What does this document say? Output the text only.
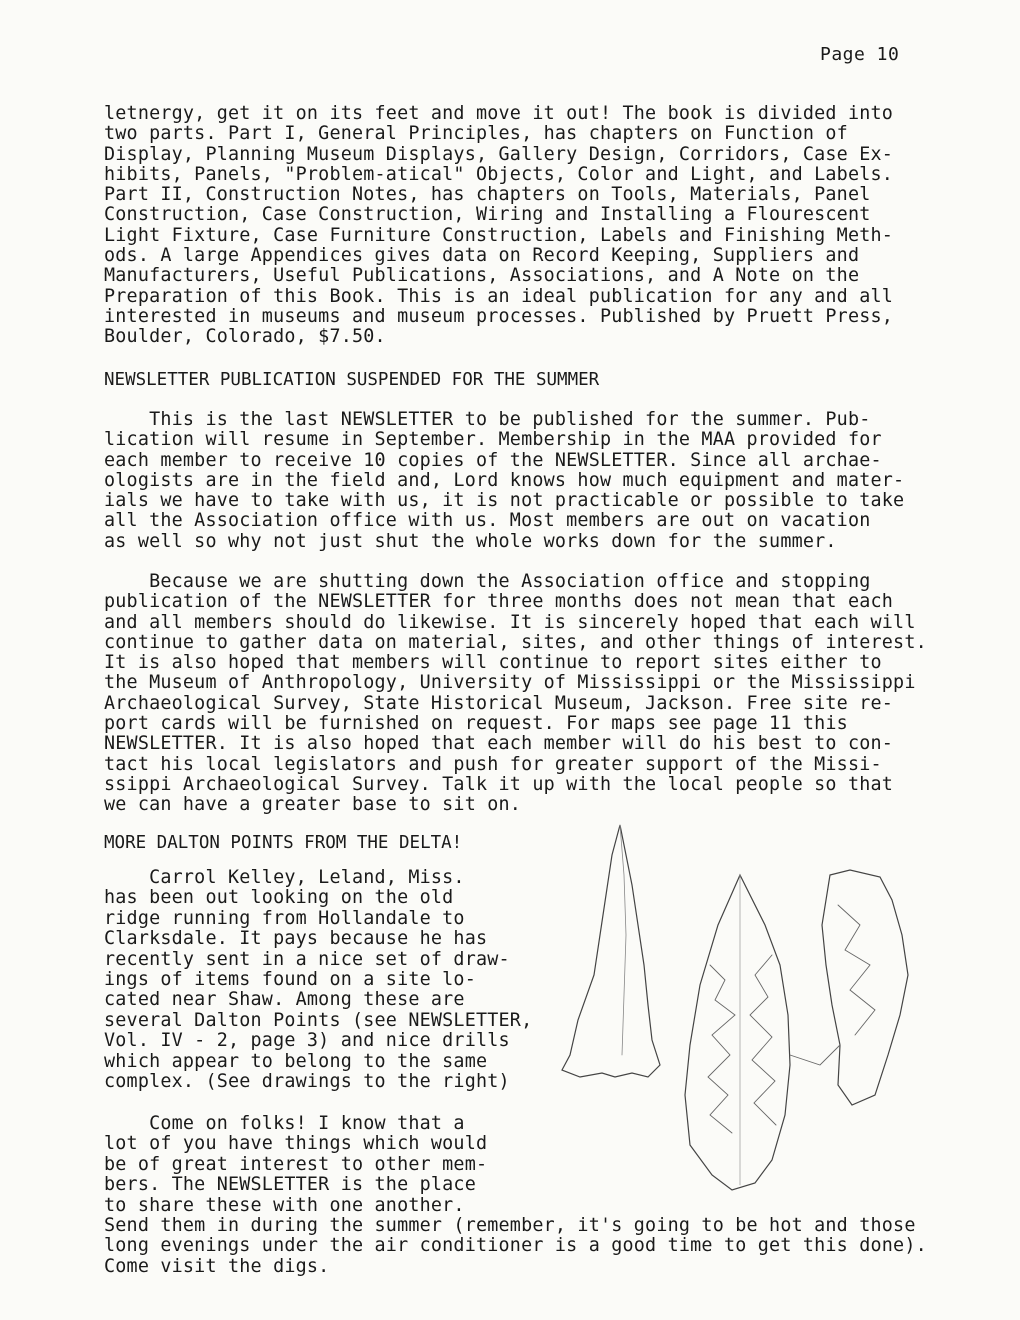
Page 10
letnergy, get it on its feet and move it out! The book is divided into
two parts. Part I, General Principles, has chapters on Function of
Display, Planning Museum Displays, Gallery Design, Corridors, Case Ex-
hibits, Panels, "Problem-atical" Objects, Color and Light, and Labels.
Part II, Construction Notes, has chapters on Tools, Materials, Panel
Construction, Case Construction, Wiring and Installing a Flourescent
Light Fixture, Case Furniture Construction, Labels and Finishing Meth-
ods. A large Appendices gives data on Record Keeping, Suppliers and
Manufacturers, Useful Publications, Associations, and A Note on the
Preparation of this Book. This is an ideal publication for any and all
interested in museums and museum processes. Published by Pruett Press,
Boulder, Colorado, $7.50.
NEWSLETTER PUBLICATION SUSPENDED FOR THE SUMMER
This is the last NEWSLETTER to be published for the summer. Pub-
lication will resume in September. Membership in the MAA provided for
each member to receive 10 copies of the NEWSLETTER. Since all archae-
ologists are in the field and, Lord knows how much equipment and mater-
ials we have to take with us, it is not practicable or possible to take
all the Association office with us. Most members are out on vacation
as well so why not just shut the whole works down for the summer.
Because we are shutting down the Association office and stopping
publication of the NEWSLETTER for three months does not mean that each
and all members should do likewise. It is sincerely hoped that each will
continue to gather data on material, sites, and other things of interest.
It is also hoped that members will continue to report sites either to
the Museum of Anthropology, University of Mississippi or the Mississippi
Archaeological Survey, State Historical Museum, Jackson. Free site re-
port cards will be furnished on request. For maps see page 11 this
NEWSLETTER. It is also hoped that each member will do his best to con-
tact his local legislators and push for greater support of the Missi-
ssippi Archaeological Survey. Talk it up with the local people so that
we can have a greater base to sit on.
MORE DALTON POINTS FROM THE DELTA!
Carrol Kelley, Leland, Miss.
has been out looking on the old
ridge running from Hollandale to
Clarksdale. It pays because he has
recently sent in a nice set of draw-
ings of items found on a site lo-
cated near Shaw. Among these are
several Dalton Points (see NEWSLETTER,
Vol. IV - 2, page 3) and nice drills
which appear to belong to the same
complex. (See drawings to the right)
Come on folks! I know that a
lot of you have things which would
be of great interest to other mem-
bers. The NEWSLETTER is the place
to share these with one another.
Send them in during the summer (remember, it's going to be hot and those
long evenings under the air conditioner is a good time to get this done).
Come visit the digs.
